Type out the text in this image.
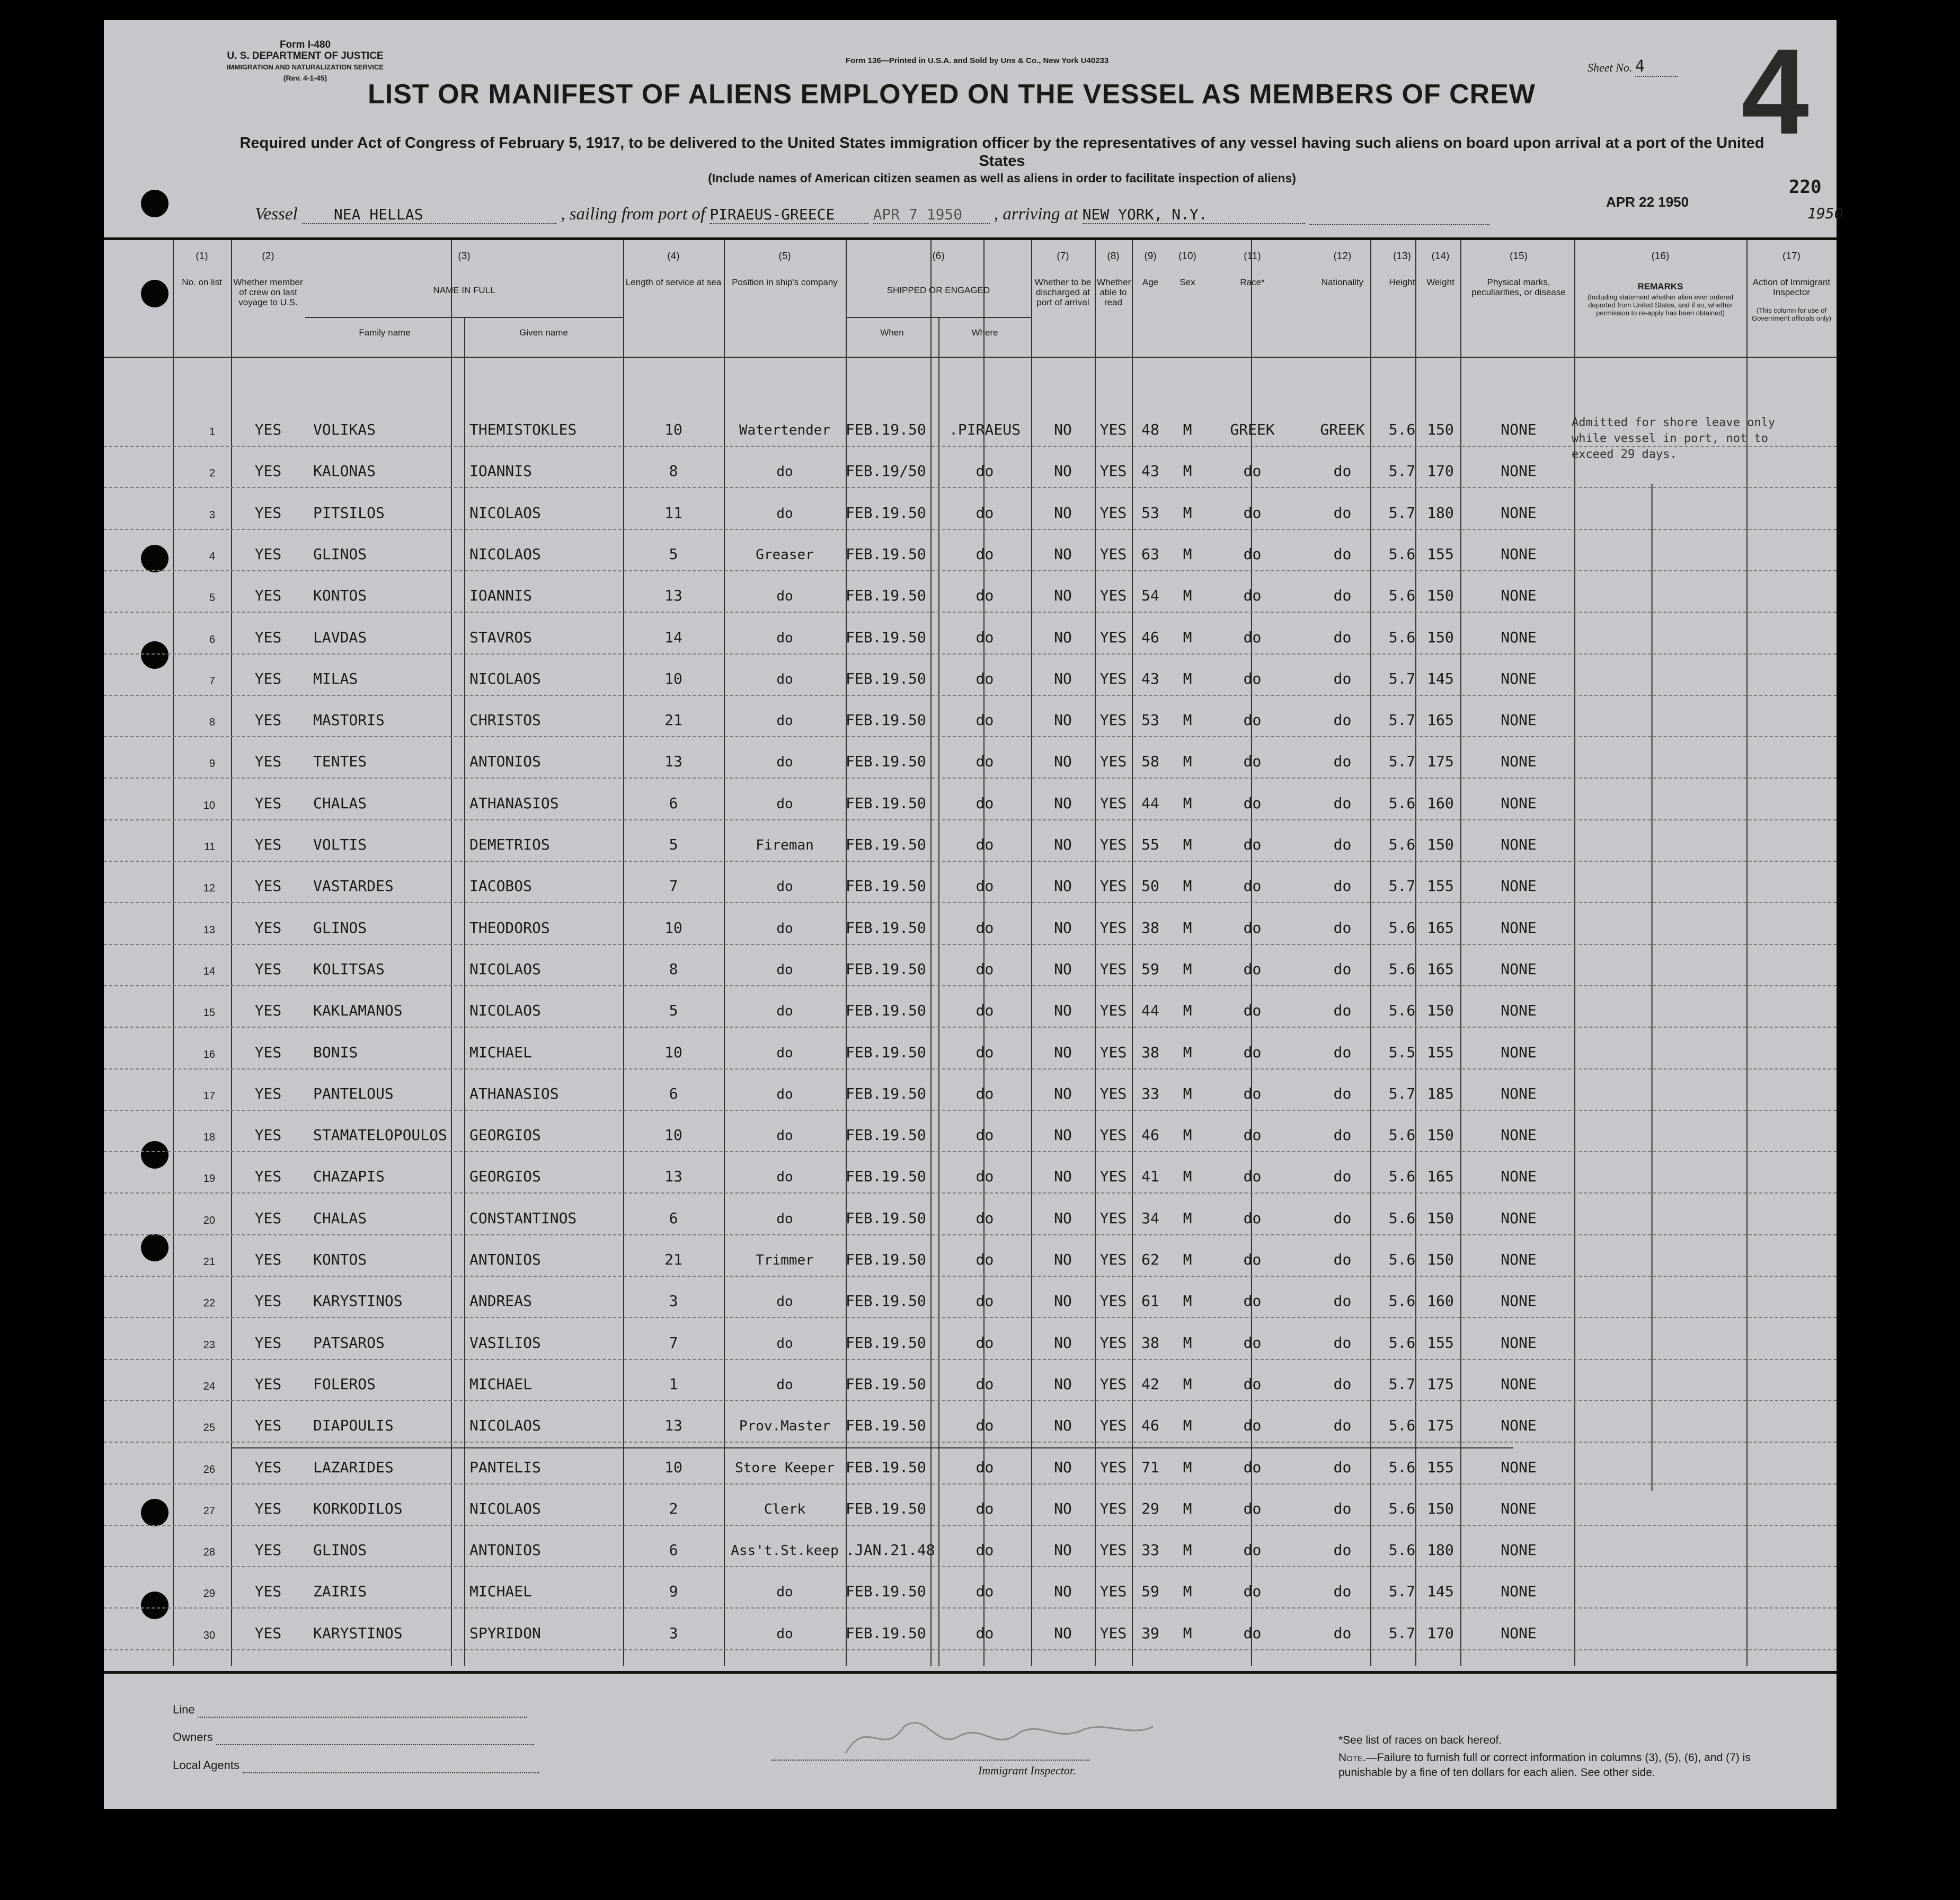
Form I-480
U. S. DEPARTMENT OF JUSTICE
IMMIGRATION AND NATURALIZATION SERVICE
(Rev. 4-1-45)
Form 136—Printed in U.S.A. and Sold by Uns & Co., New York U40233
Sheet No. 4 4
LIST OR MANIFEST OF ALIENS EMPLOYED ON THE VESSEL AS MEMBERS OF CREW
Required under Act of Congress of February 5, 1917, to be delivered to the United States immigration officer by the representatives of any vessel having such aliens on board upon arrival at a port of the United States
(Include names of American citizen seamen as well as aliens in order to facilitate inspection of aliens)	220
Vessel NEA HELLAS	, sailing from port of PIRAEUS-GREECE	APR 7 1950 , arriving at NEW YORK, N.Y.
APR 22 1950
1950
(1)
No. on list
(2)
Whether member of crew on last voyage to U.S.
(3)
NAME IN FULL
Family name	Given name
(4)
Length of service at sea
(5)
Position in ship's company
(6)
SHIPPED OR ENGAGED
When	Where
(7)
Whether to be discharged at port of arrival
(8)
Whether able to read
(9)
Age
(10)
Sex
(11)
Race*
(12)
Nationality
(13)
Height
(14)
Weight
(15)
Physical marks, peculiarities, or disease
(16)
REMARKS
(Including statement whether alien ever ordered deported from United States, and if so, whether permission to re-apply has been obtained)
(17)
Action of Immigrant Inspector
(This column for use of Government officials only)
1	YES	VOLIKAS	THEMISTOKLES	10	Watertender	FEB.19.50	.PIRAEUS	NO	YES 48	M	GREEK	GREEK	5.6 150	NONE
2	YES	KALONAS	IOANNIS	8	do	FEB.19/50	do	NO	YES 43	M	do	do	5.7 170	NONE
3	YES	PITSILOS	NICOLAOS	11	do	FEB.19.50	do	NO	YES 53	M	do	do	5.7 180	NONE
4	YES	GLINOS	NICOLAOS	5	Greaser	FEB.19.50	do	NO	YES 63	M	do	do	5.6 155	NONE
5	YES	KONTOS	IOANNIS	13	do	FEB.19.50	do	NO	YES 54	M	do	do	5.6 150	NONE
6	YES	LAVDAS	STAVROS	14	do	FEB.19.50	do	NO	YES 46	M	do	do	5.6 150	NONE
7	YES	MILAS	NICOLAOS	10	do	FEB.19.50	do	NO	YES 43	M	do	do	5.7 145	NONE
8	YES	MASTORIS	CHRISTOS	21	do	FEB.19.50	do	NO	YES 53	M	do	do	5.7 165	NONE
9	YES	TENTES	ANTONIOS	13	do	FEB.19.50	do	NO	YES 58	M	do	do	5.7 175	NONE
10	YES	CHALAS	ATHANASIOS	6	do	FEB.19.50	do	NO	YES 44	M	do	do	5.6 160	NONE
11	YES	VOLTIS	DEMETRIOS	5	Fireman	FEB.19.50	do	NO	YES 55	M	do	do	5.6 150	NONE
12	YES	VASTARDES	IACOBOS	7	do	FEB.19.50	do	NO	YES 50	M	do	do	5.7 155	NONE
13	YES	GLINOS	THEODOROS	10	do	FEB.19.50	do	NO	YES 38	M	do	do	5.6 165	NONE
14	YES	KOLITSAS	NICOLAOS	8	do	FEB.19.50	do	NO	YES 59	M	do	do	5.6 165	NONE
15	YES	KAKLAMANOS	NICOLAOS	5	do	FEB.19.50	do	NO	YES 44	M	do	do	5.6 150	NONE
16	YES	BONIS	MICHAEL	10	do	FEB.19.50	do	NO	YES 38	M	do	do	5.5 155	NONE
17	YES	PANTELOUS	ATHANASIOS	6	do	FEB.19.50	do	NO	YES 33	M	do	do	5.7 185	NONE
18	YES	STAMATELOPOULOS	GEORGIOS	10	do	FEB.19.50	do	NO	YES 46	M	do	do	5.6 150	NONE
19	YES	CHAZAPIS	GEORGIOS	13	do	FEB.19.50	do	NO	YES 41	M	do	do	5.6 165	NONE
20	YES	CHALAS	CONSTANTINOS	6	do	FEB.19.50	do	NO	YES 34	M	do	do	5.6 150	NONE
21	YES	KONTOS	ANTONIOS	21	Trimmer	FEB.19.50	do	NO	YES 62	M	do	do	5.6 150	NONE
22	YES	KARYSTINOS	ANDREAS	3	do	FEB.19.50	do	NO	YES 61	M	do	do	5.6 160	NONE
23	YES	PATSAROS	VASILIOS	7	do	FEB.19.50	do	NO	YES 38	M	do	do	5.6 155	NONE
24	YES	FOLEROS	MICHAEL	1	do	FEB.19.50	do	NO	YES 42	M	do	do	5.7 175	NONE
25	YES	DIAPOULIS	NICOLAOS	13	Prov.Master	FEB.19.50	do	NO	YES 46	M	do	do	5.6 175	NONE
26	YES	LAZARIDES	PANTELIS	10	Store Keeper FEB.19.50	do	NO	YES 71	M	do	do	5.6 155	NONE
27	YES	KORKODILOS	NICOLAOS	2	Clerk	FEB.19.50	do	NO	YES 29	M	do	do	5.6 150	NONE
28	YES	GLINOS	ANTONIOS	6	Ass't.St.keep .JAN.21.48	do	NO	YES 33	M	do	do	5.6 180	NONE
29	YES	ZAIRIS	MICHAEL	9	do	FEB.19.50	do	NO	YES 59	M	do	do	5.7 145	NONE
30	YES	KARYSTINOS	SPYRIDON	3	do	FEB.19.50	do	NO	YES 39	M	do	do	5.7 170	NONE
Admitted for shore leave only while vessel in port, not to exceed 29 days.
Line
Owners
Local Agents	Immigrant Inspector.
*See list of races on back hereof.
Note.—Failure to furnish full or correct information in columns (3), (5), (6), and (7) is punishable by a fine of ten dollars for each alien. See other side.
